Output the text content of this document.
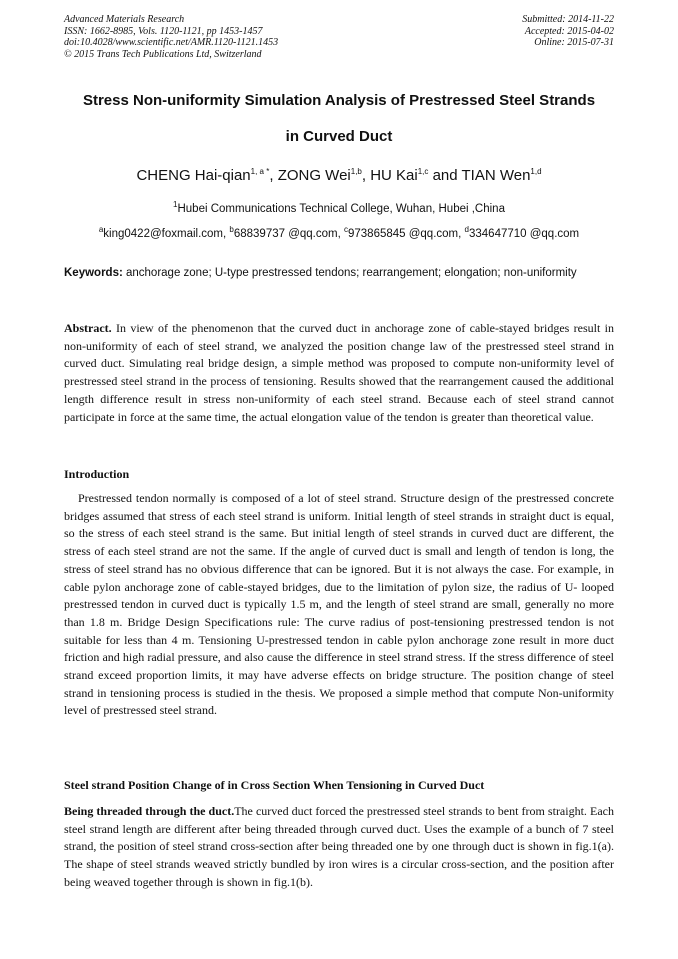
Advanced Materials Research
ISSN: 1662-8985, Vols. 1120-1121, pp 1453-1457
doi:10.4028/www.scientific.net/AMR.1120-1121.1453
© 2015 Trans Tech Publications Ltd, Switzerland
Submitted: 2014-11-22
Accepted: 2015-04-02
Online: 2015-07-31
Stress Non-uniformity Simulation Analysis of Prestressed Steel Strands
in Curved Duct
CHENG Hai-qian$^{1, a *}$, ZONG Wei$^{1,b}$, HU Kai$^{1,c}$ and TIAN Wen$^{1,d}$
$^1$Hubei Communications Technical College, Wuhan, Hubei ,China
$^a$king0422@foxmail.com, $^b$68839737 @qq.com, $^c$973865845 @qq.com, $^d$334647710 @qq.com
Keywords: anchorage zone; U-type prestressed tendons; rearrangement; elongation; non-uniformity
Abstract. In view of the phenomenon that the curved duct in anchorage zone of cable-stayed bridges result in non-uniformity of each of steel strand, we analyzed the position change law of the prestressed steel strand in curved duct. Simulating real bridge design, a simple method was proposed to compute non-uniformity level of prestressed steel strand in the process of tensioning. Results showed that the rearrangement caused the additional length difference result in stress non-uniformity of each steel strand. Because each of steel strand cannot participate in force at the same time, the actual elongation value of the tendon is greater than theoretical value.
Introduction
Prestressed tendon normally is composed of a lot of steel strand. Structure design of the prestressed concrete bridges assumed that stress of each steel strand is uniform. Initial length of steel strands in straight duct is equal, so the stress of each steel strand is the same. But initial length of steel strands in curved duct are different, the stress of each steel strand are not the same. If the angle of curved duct is small and length of tendon is long, the stress of steel strand has no obvious difference that can be ignored. But it is not always the case. For example, in cable pylon anchorage zone of cable-stayed bridges, due to the limitation of pylon size, the radius of U- looped prestressed tendon in curved duct is typically 1.5 m, and the length of steel strand are small, generally no more than 1.8 m. Bridge Design Specifications rule: The curve radius of post-tensioning prestressed tendon is not suitable for less than 4 m. Tensioning U-prestressed tendon in cable pylon anchorage zone result in more duct friction and high radial pressure, and also cause the difference in steel strand stress. If the stress difference of steel strand exceed proportion limits, it may have adverse effects on bridge structure. The position change of steel strand in tensioning process is studied in the thesis. We proposed a simple method that compute Non-uniformity level of prestressed steel strand.
Steel strand Position Change of in Cross Section When Tensioning in Curved Duct
Being threaded through the duct.The curved duct forced the prestressed steel strands to bent from straight. Each steel strand length are different after being threaded through curved duct. Uses the example of a bunch of 7 steel strand, the position of steel strand cross-section after being threaded one by one through duct is shown in fig.1(a). The shape of steel strands weaved strictly bundled by iron wires is a circular cross-section, and the position after being weaved together through is shown in fig.1(b).
